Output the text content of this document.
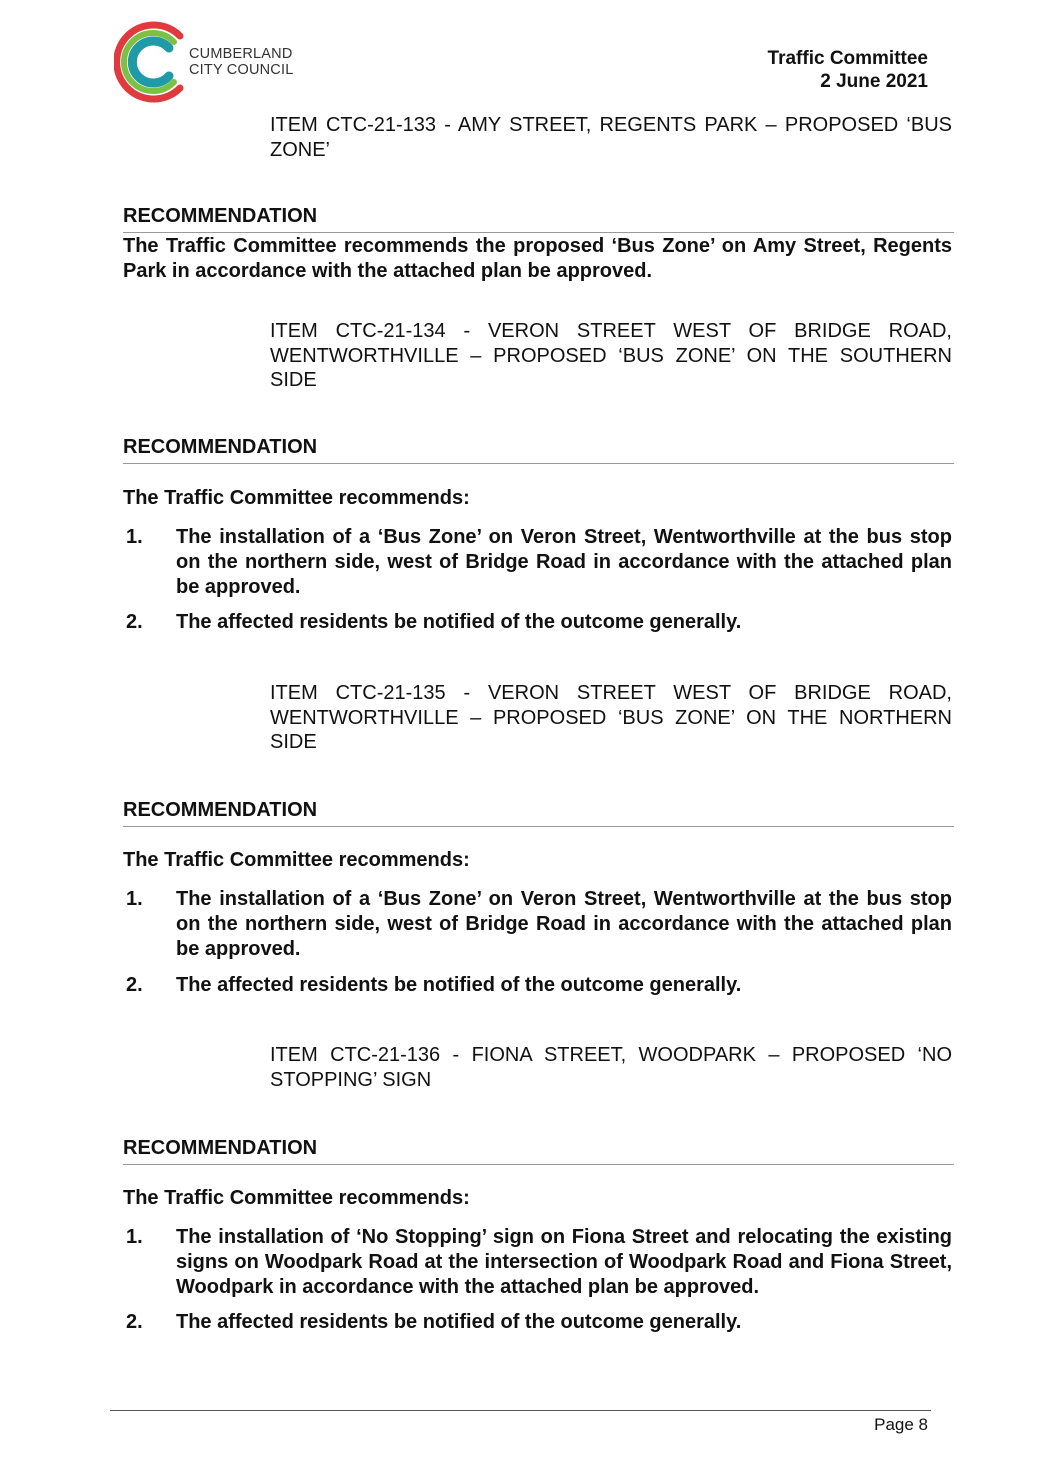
CUMBERLAND
CITY COUNCIL
Traffic Committee
2 June 2021
ITEM CTC-21-133 - AMY STREET, REGENTS PARK – PROPOSED ‘BUS ZONE’
RECOMMENDATION
The Traffic Committee recommends the proposed ‘Bus Zone’ on Amy Street, Regents Park in accordance with the attached plan be approved.
ITEM CTC-21-134 - VERON STREET WEST OF BRIDGE ROAD, WENTWORTHVILLE – PROPOSED ‘BUS ZONE’ ON THE SOUTHERN SIDE
RECOMMENDATION
The Traffic Committee recommends:
1. The installation of a ‘Bus Zone’ on Veron Street, Wentworthville at the bus stop on the northern side, west of Bridge Road in accordance with the attached plan be approved.
2. The affected residents be notified of the outcome generally.
ITEM CTC-21-135 - VERON STREET WEST OF BRIDGE ROAD, WENTWORTHVILLE – PROPOSED ‘BUS ZONE’ ON THE NORTHERN SIDE
RECOMMENDATION
The Traffic Committee recommends:
1. The installation of a ‘Bus Zone’ on Veron Street, Wentworthville at the bus stop on the northern side, west of Bridge Road in accordance with the attached plan be approved.
2. The affected residents be notified of the outcome generally.
ITEM CTC-21-136 - FIONA STREET, WOODPARK – PROPOSED ‘NO STOPPING’ SIGN
RECOMMENDATION
The Traffic Committee recommends:
1. The installation of ‘No Stopping’ sign on Fiona Street and relocating the existing signs on Woodpark Road at the intersection of Woodpark Road and Fiona Street, Woodpark in accordance with the attached plan be approved.
2. The affected residents be notified of the outcome generally.
Page 8
